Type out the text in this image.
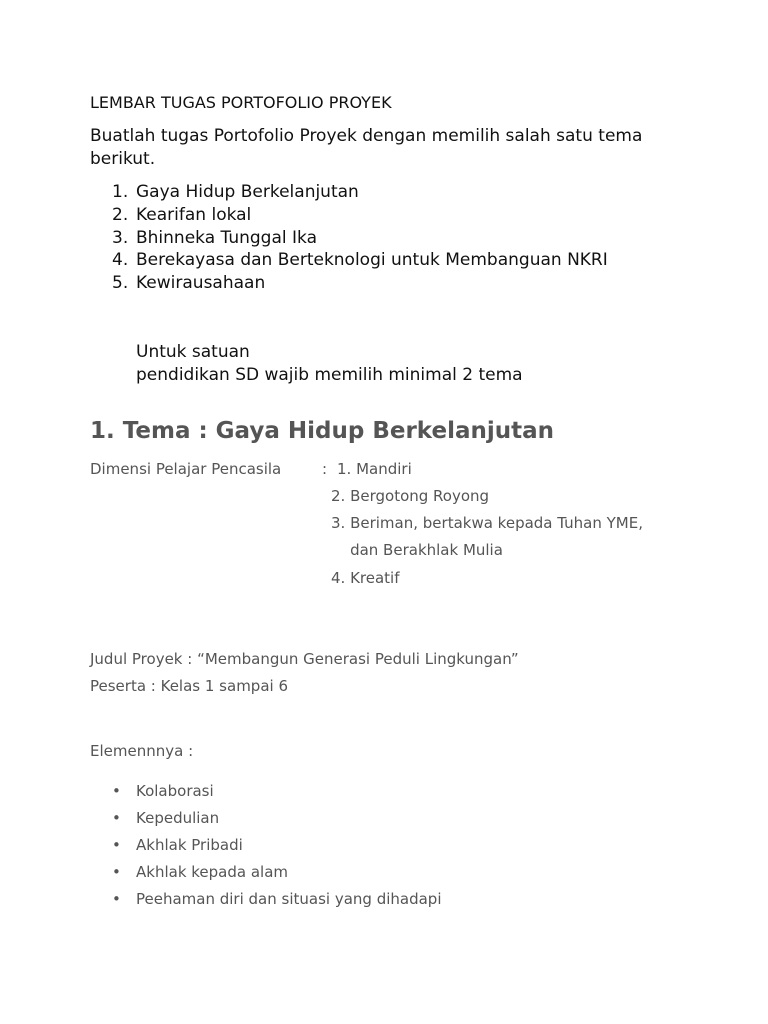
LEMBAR TUGAS PORTOFOLIO PROYEK
Buatlah tugas Portofolio Proyek dengan memilih salah satu tema berikut.
1. Gaya Hidup Berkelanjutan
2. Kearifan lokal
3. Bhinneka Tunggal Ika
4. Berekayasa dan Berteknologi untuk Membanguan NKRI
5. Kewirausahaan
Untuk satuan
pendidikan SD wajib memilih minimal 2 tema
1. Tema : Gaya Hidup Berkelanjutan
Dimensi Pelajar Pencasila	: 1. Mandiri
2. Bergotong Royong
3. Beriman, bertakwa kepada Tuhan YME,
dan Berakhlak Mulia
4. Kreatif
Judul Proyek : “Membangun Generasi Peduli Lingkungan”
Peserta : Kelas 1 sampai 6
Elemennnya :
• Kolaborasi
• Kepedulian
• Akhlak Pribadi
• Akhlak kepada alam
• Peehaman diri dan situasi yang dihadapi
